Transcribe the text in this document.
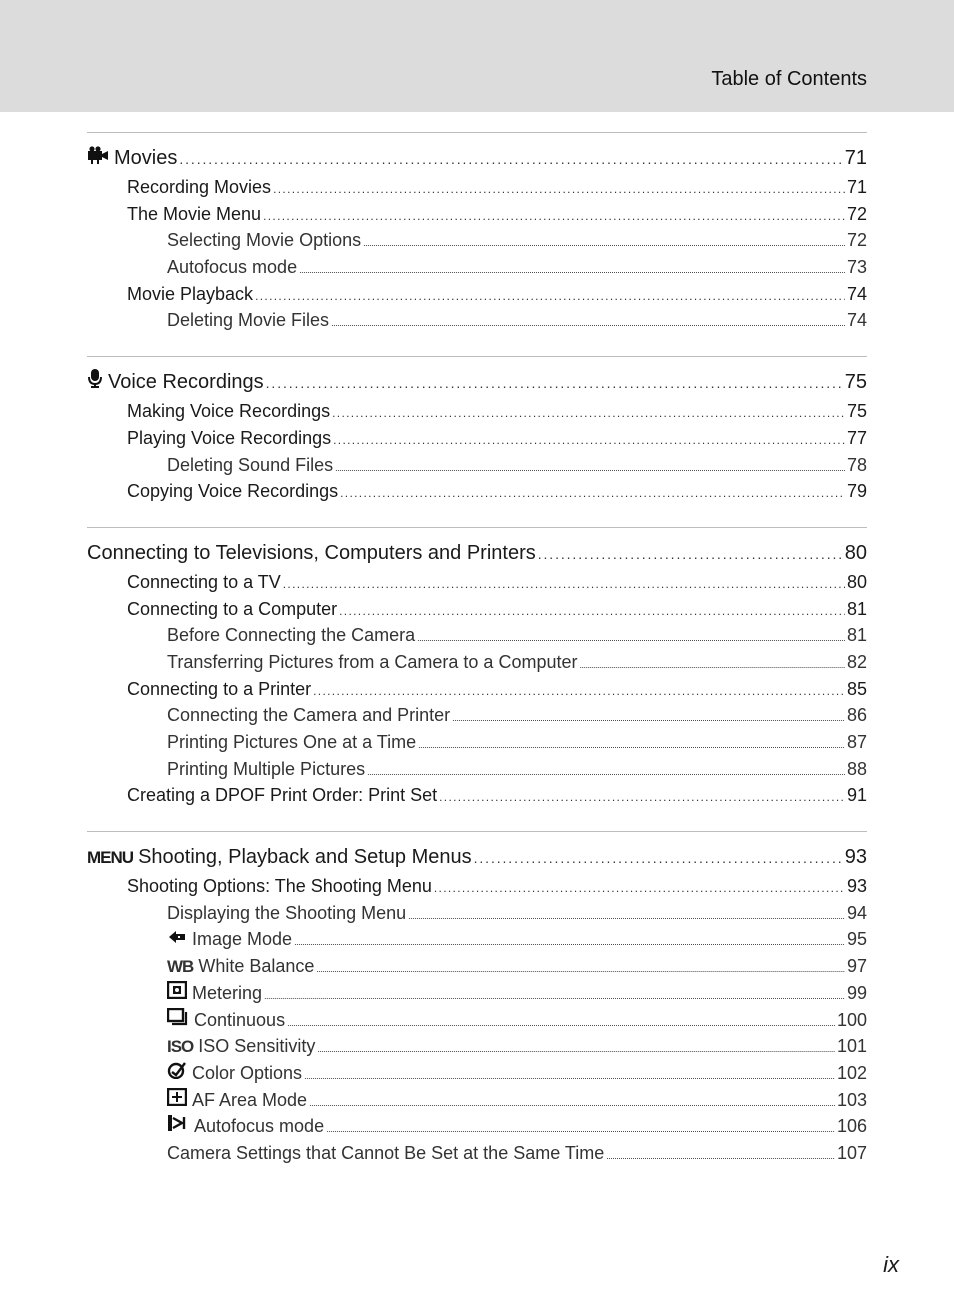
Table of Contents
Movies . . .	71
Recording Movies . . .	71
The Movie Menu . . .	72
Selecting Movie Options . . .	72
Autofocus mode . . .	73
Movie Playback . . .	74
Deleting Movie Files . . .	74
Voice Recordings . . .	75
Making Voice Recordings . . .	75
Playing Voice Recordings . . .	77
Deleting Sound Files . . .	78
Copying Voice Recordings . . .	79
Connecting to Televisions, Computers and Printers . . .	80
Connecting to a TV . . .	80
Connecting to a Computer . . .	81
Before Connecting the Camera . . .	81
Transferring Pictures from a Camera to a Computer . . .	82
Connecting to a Printer . . .	85
Connecting the Camera and Printer . . .	86
Printing Pictures One at a Time . . .	87
Printing Multiple Pictures . . .	88
Creating a DPOF Print Order: Print Set . . .	91
MENU Shooting, Playback and Setup Menus . . .	93
Shooting Options: The Shooting Menu . . .	93
Displaying the Shooting Menu . . .	94
Image Mode . . .	95
WB White Balance . . .	97
Metering . . .	99
Continuous . . .	100
ISO ISO Sensitivity . . .	101
Color Options . . .	102
AF Area Mode . . .	103
Autofocus mode . . .	106
Camera Settings that Cannot Be Set at the Same Time . . .	107
ix
